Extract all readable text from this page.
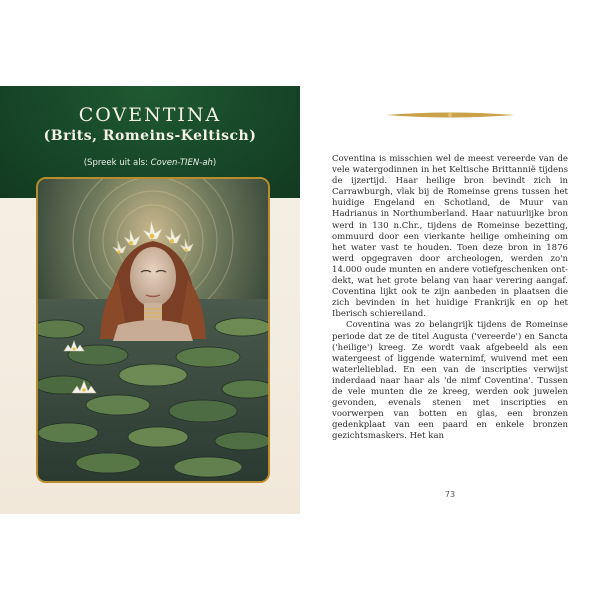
COVENTINA
(Brits, Romeins-Keltisch)
(Spreek uit als: Coven-TIEN-ah)	Coventina is misschien wel de meest vereerde van de vele watergodinnen in het Keltische Brittannië tijdens de ijzertijd. Haar heilige bron bevindt zich in Carrawburgh, vlak bij de Romeinse grens tussen het huidige Engeland en Schotland, de Muur van Hadrianus in Northumberland. Haar natuurlijke bron werd in 130 n.Chr., tijdens de Romeinse bezetting, ommuurd door een vierkante heilige omheining om het water vast te houden. Toen deze bron in 1876 werd opgegraven door archeologen, werden zo'n 14.000 oude munten en andere votiefgeschenken ontdekt, wat het grote belang van haar verering aangaf. Coventina lijkt ook te zijn aanbeden in plaatsen die zich bevinden in het huidige Frankrijk en op het Iberisch schiereiland.

Coventina was zo belangrijk tijdens de Romeinse periode dat ze de titel Augusta ('vereerde') en Sancta ('heilige') kreeg. Ze wordt vaak afgebeeld als een watergeest of liggende waternimf, wuivend met een waterlelieblad. En een van de inscripties verwijst inderdaad naar haar als 'de nimf Coventina'. Tussen de vele munten die ze kreeg, werden ook juwelen gevonden, evenals stenen met inscripties en voorwerpen van botten en glas, een bronzen gedenkplaat van een paard en enkele bronzen gezichtsmaskers. Het kan

73
